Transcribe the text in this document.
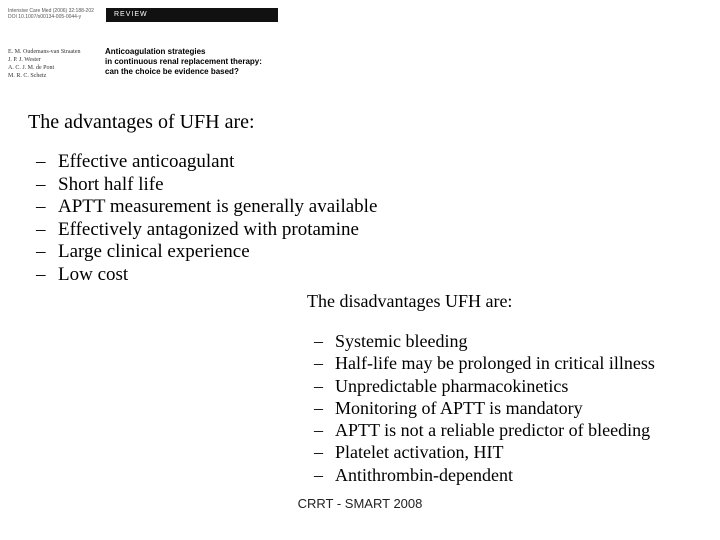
Intensive Care Med (2006) 32:188-202
DOI 10.1007/s00134-005-0044-y	REVIEW
E. M. Oudemans-van Straaten
J. P. J. Wester
A. C. J. M. de Pont
M. R. C. Schetz
Anticoagulation strategies
in continuous renal replacement therapy:
can the choice be evidence based?
The advantages of UFH are:
– Effective anticoagulant
– Short half life
– APTT measurement is generally available
– Effectively antagonized with protamine
– Large clinical experience
– Low cost
The disadvantages UFH are:
– Systemic bleeding
– Half-life may be prolonged in critical illness
– Unpredictable pharmacokinetics
– Monitoring of APTT is mandatory
– APTT is not a reliable predictor of bleeding
– Platelet activation, HIT
– Antithrombin-dependent
CRRT - SMART 2008
